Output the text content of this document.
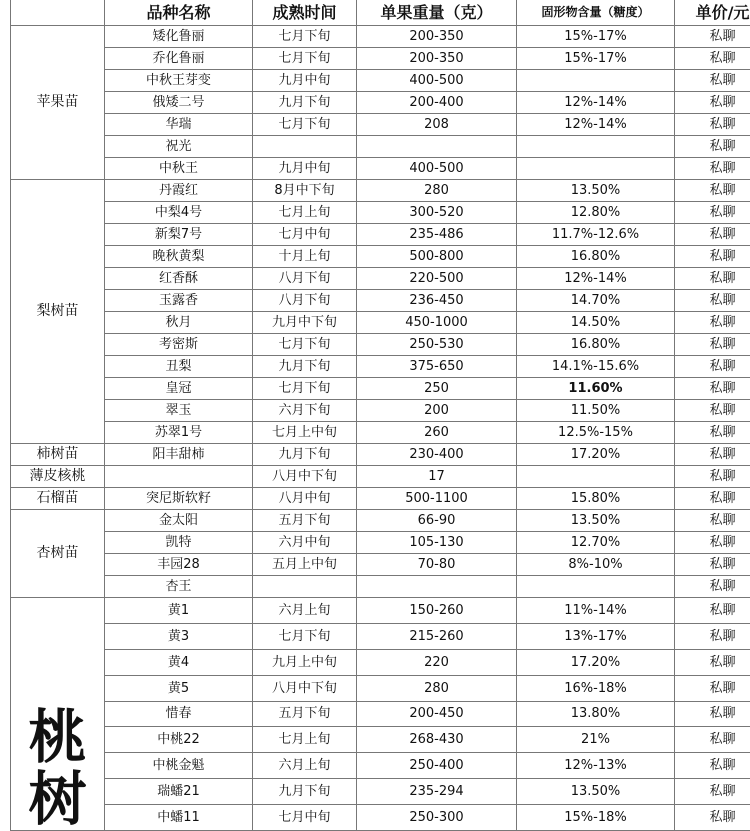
	品种名称	成熟时间	单果重量（克）	固形物含量（糖度）	单价/元
苹果苗	矮化鲁丽	七月下旬	200-350	15%-17%	私聊
	乔化鲁丽	七月下旬	200-350	15%-17%	私聊
	中秋王芽变	九月中旬	400-500		私聊
	俄矮二号	九月下旬	200-400	12%-14%	私聊
	华瑞	七月下旬	208	12%-14%	私聊
	祝光				私聊
	中秋王	九月中旬	400-500		私聊
梨树苗	丹霞红	8月中下旬	280	13.50%	私聊
	中梨4号	七月上旬	300-520	12.80%	私聊
	新梨7号	七月中旬	235-486	11.7%-12.6%	私聊
	晚秋黄梨	十月上旬	500-800	16.80%	私聊
	红香酥	八月下旬	220-500	12%-14%	私聊
	玉露香	八月下旬	236-450	14.70%	私聊
	秋月	九月中下旬	450-1000	14.50%	私聊
	考密斯	七月下旬	250-530	16.80%	私聊
	丑梨	九月下旬	375-650	14.1%-15.6%	私聊
	皇冠	七月下旬	250	11.60%	私聊
	翠玉	六月下旬	200	11.50%	私聊
	苏翠1号	七月上中旬	260	12.5%-15%	私聊
柿树苗	阳丰甜柿	九月下旬	230-400	17.20%	私聊
薄皮核桃		八月中下旬	17		私聊
石榴苗	突尼斯软籽	八月中旬	500-1100	15.80%	私聊
杏树苗	金太阳	五月下旬	66-90	13.50%	私聊
	凯特	六月中旬	105-130	12.70%	私聊
	丰园28	五月上中旬	70-80	8%-10%	私聊
	杏王				私聊
桃树	黄1	六月上旬	150-260	11%-14%	私聊
	黄3	七月下旬	215-260	13%-17%	私聊
	黄4	九月上中旬	220	17.20%	私聊
	黄5	八月中下旬	280	16%-18%	私聊
	惜春	五月下旬	200-450	13.80%	私聊
	中桃22	七月上旬	268-430	21%	私聊
	中桃金魁	六月上旬	250-400	12%-13%	私聊
	瑞蟠21	九月下旬	235-294	13.50%	私聊
	中蟠11	七月中旬	250-300	15%-18%	私聊
